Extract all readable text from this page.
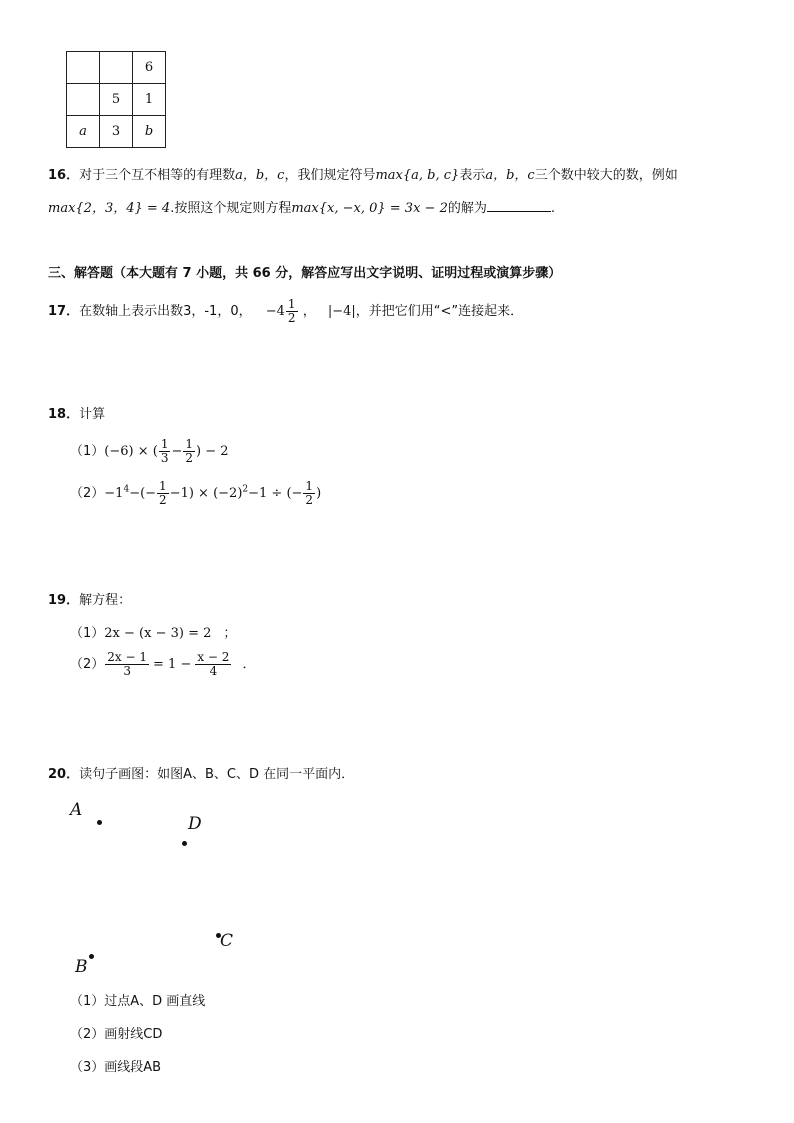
		6
	5	1
a	3	b
16．对于三个互不相等的有理数a，b，c，我们规定符号max{a, b, c}表示a，b，c三个数中较大的数，例如
max{2，3，4} = 4.按照这个规定则方程max{x, −x, 0} = 3x − 2的解为	.
三、解答题（本大题有 7 小题，共 66 分，解答应写出文字说明、证明过程或演算步骤）
17．在数轴上表示出数3，-1，0， $-4 \frac{1}{2}$ ， |−4|，并把它们用“<”连接起来．
18．计算
（1）(−6) × ( $\frac{1}{3} - \frac{1}{2}$ ) − 2
$(2)-1^4-(- \frac{1}{2} -1) \times (-2)^2-1$ ÷ (− $\frac{1}{2}$ )
19．解方程：
（1）2x − (x − 3) = 2 ；
$(2) \frac{2x - 1}{3} = 1 - \frac{x - 2}{4}$ ．
20．读句子画图：如图A、B、C、D 在同一平面内．
A
D
C
B
（1）过点A、D 画直线
（2）画射线CD
（3）画线段AB
